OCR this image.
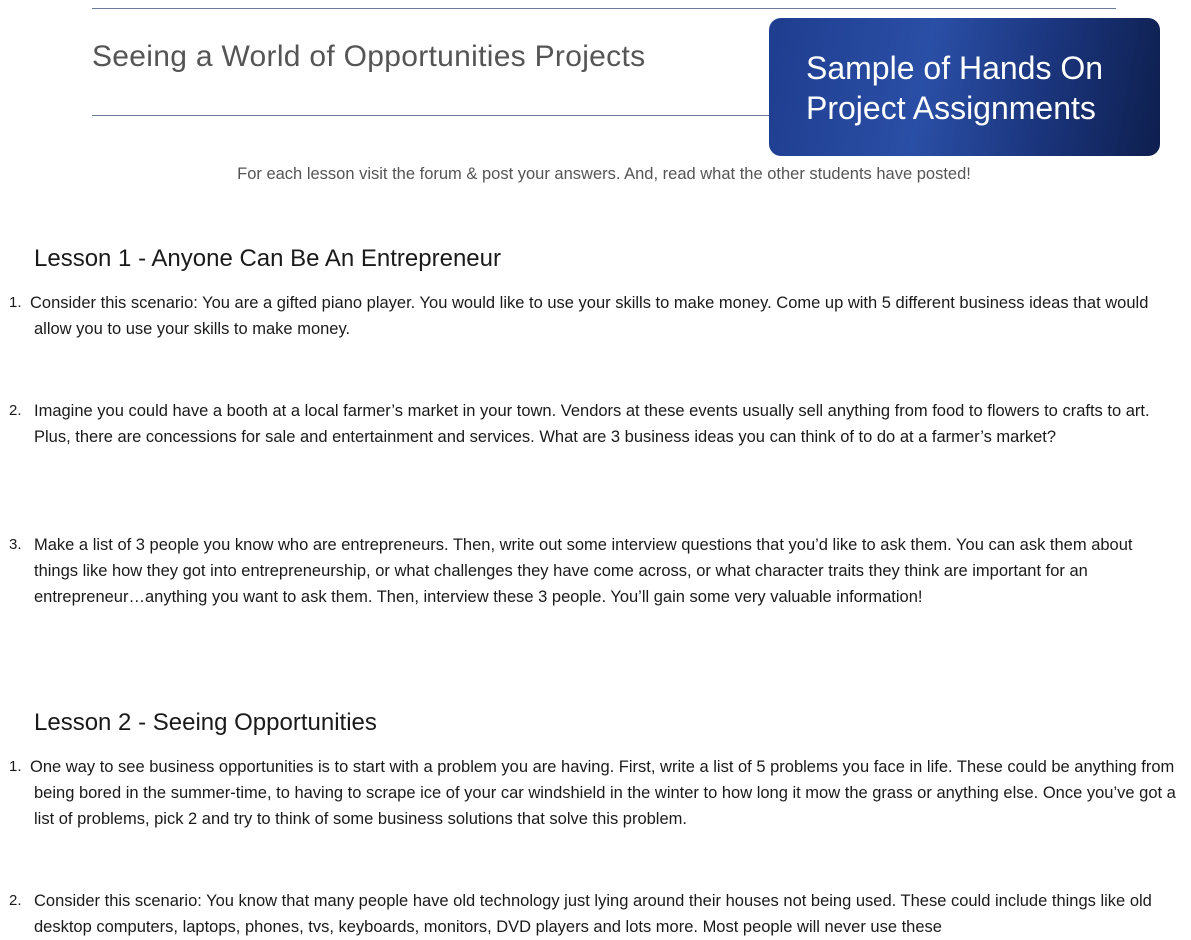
Seeing a World of Opportunities Projects	Sample of Hands On
Project Assignments
For each lesson visit the forum & post your answers. And, read what the other students have posted!
Lesson 1 - Anyone Can Be An Entrepreneur
1. Consider this scenario: You are a gifted piano player. You would like to use your skills to make money. Come up with 5 different business ideas that would allow you to use your skills to make money.
2. Imagine you could have a booth at a local farmer’s market in your town. Vendors at these events usually sell anything from food to flowers to crafts to art. Plus, there are concessions for sale and entertainment and services. What are 3 business ideas you can think of to do at a farmer’s market?
3. Make a list of 3 people you know who are entrepreneurs. Then, write out some interview questions that you’d like to ask them. You can ask them about things like how they got into entrepreneurship, or what challenges they have come across, or what character traits they think are important for an entrepreneur…anything you want to ask them. Then, interview these 3 people. You’ll gain some very valuable information!
Lesson 2 - Seeing Opportunities
1. One way to see business opportunities is to start with a problem you are having. First, write a list of 5 problems you face in life. These could be anything from being bored in the summer-time, to having to scrape ice of your car windshield in the winter to how long it mow the grass or anything else. Once you’ve got a list of problems, pick 2 and try to think of some business solutions that solve this problem.
2. Consider this scenario: You know that many people have old technology just lying around their houses not being used. These could include things like old desktop computers, laptops, phones, tvs, keyboards, monitors, DVD players and lots more. Most people will never use these
